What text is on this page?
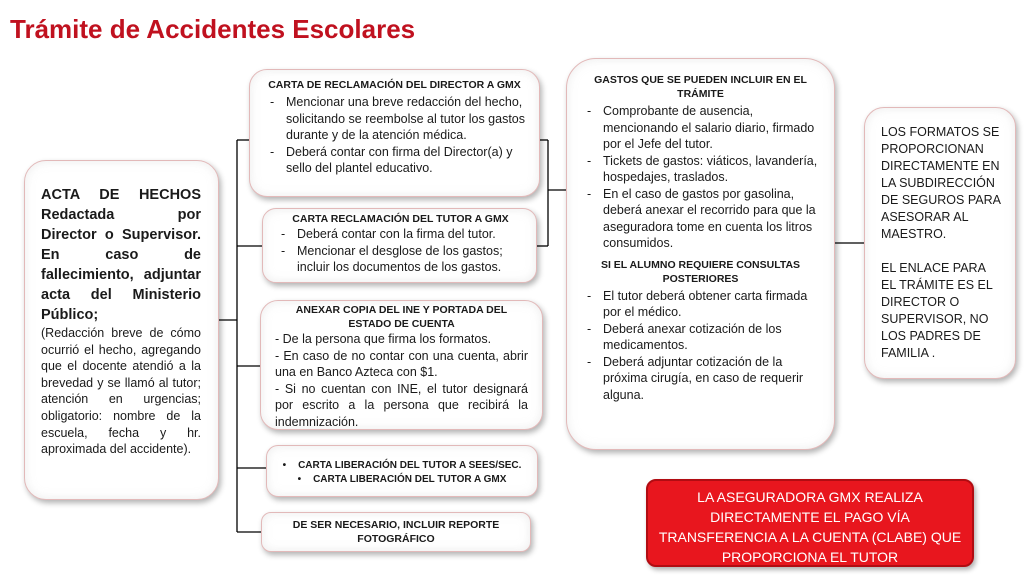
Trámite de Accidentes Escolares
ACTA DE HECHOS Redactada por Director o Supervisor. En caso de fallecimiento, adjuntar acta del Ministerio Público;
(Redacción breve de cómo ocurrió el hecho, agregando que el docente atendió a la brevedad y se llamó al tutor; atención en urgencias; obligatorio: nombre de la escuela, fecha y hr. aproximada del accidente).
CARTA DE RECLAMACIÓN DEL DIRECTOR A GMX
- Mencionar una breve redacción del hecho, solicitando se reembolse al tutor los gastos durante y de la atención médica.
- Deberá contar con firma del Director(a) y sello del plantel educativo.
CARTA RECLAMACIÓN DEL TUTOR A GMX
- Deberá contar con la firma del tutor.
- Mencionar el desglose de los gastos; incluir los documentos de los gastos.
ANEXAR COPIA DEL INE Y PORTADA DEL ESTADO DE CUENTA

- De la persona que firma los formatos.

- En caso de no contar con una cuenta, abrir una en Banco Azteca con $1.

- Si no cuentan con INE, el tutor designará por escrito a la persona que recibirá la indemnización.

• CARTA LIBERACIÓN DEL TUTOR A SEES/SEC.
• CARTA LIBERACIÓN DEL TUTOR A GMX
DE SER NECESARIO, INCLUIR REPORTE FOTOGRÁFICO
GASTOS QUE SE PUEDEN INCLUIR EN EL TRÁMITE
- Comprobante de ausencia, mencionando el salario diario, firmado por el Jefe del tutor.
- Tickets de gastos: viáticos, lavandería, hospedajes, traslados.
- En el caso de gastos por gasolina, deberá anexar el recorrido para que la aseguradora tome en cuenta los litros consumidos.
SI EL ALUMNO REQUIERE CONSULTAS POSTERIORES
- El tutor deberá obtener carta firmada por el médico.
- Deberá anexar cotización de los medicamentos.
- Deberá adjuntar cotización de la próxima cirugía, en caso de requerir alguna.

LOS FORMATOS SE PROPORCIONAN DIRECTAMENTE EN LA SUBDIRECCIÓN DE SEGUROS PARA ASESORAR AL MAESTRO.

EL ENLACE PARA EL TRÁMITE ES EL DIRECTOR O SUPERVISOR, NO LOS PADRES DE FAMILIA .

LA ASEGURADORA GMX REALIZA DIRECTAMENTE EL PAGO VÍA TRANSFERENCIA A LA CUENTA (CLABE) QUE PROPORCIONA EL TUTOR
